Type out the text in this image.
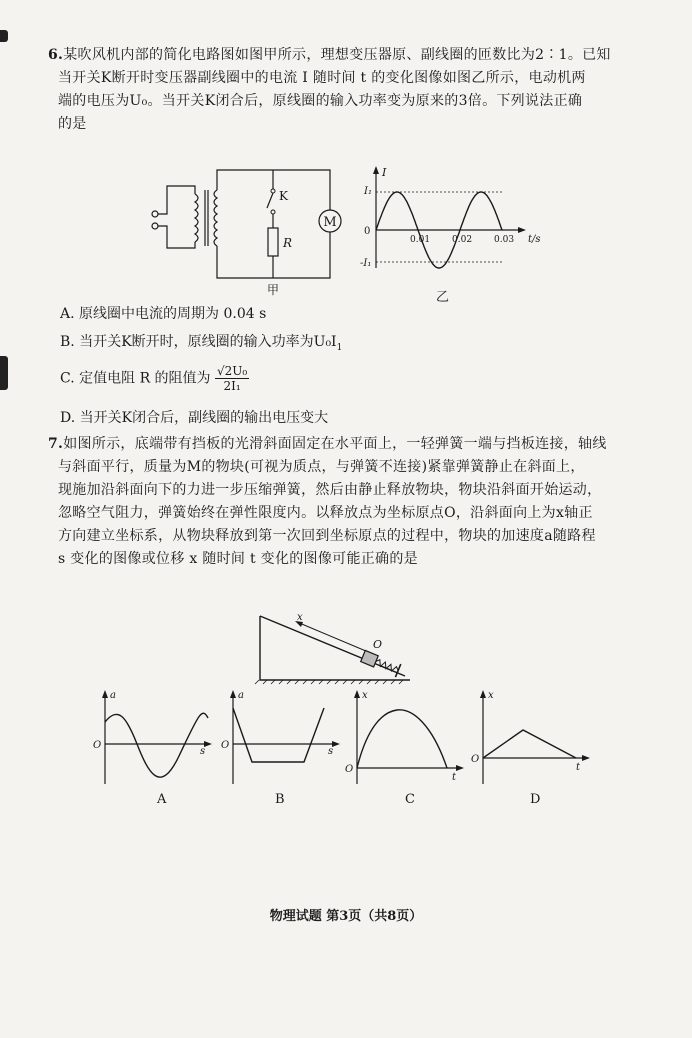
6.某吹风机内部的简化电路图如图甲所示，理想变压器原、副线圈的匝数比为2∶1。已知
当开关K断开时变压器副线圈中的电流 I 随时间 t 的变化图像如图乙所示，电动机两
端的电压为U₀。当开关K闭合后，原线圈的输入功率变为原来的3倍。下列说法正确
的是
M
K
R
甲
I
I₁
-I₁
0
0.01 0.02 0.03 t/s
乙
A. 原线圈中电流的周期为 0.04 s
B. 当开关K断开时，原线圈的输入功率为$U_0I_1$
C. 定值电阻 R 的阻值为 $\frac{\text{√2U₀}}{\text{2I₁}}$
D. 当开关K闭合后，副线圈的输出电压变大
7.如图所示，底端带有挡板的光滑斜面固定在水平面上，一轻弹簧一端与挡板连接，轴线
与斜面平行，质量为M的物块(可视为质点，与弹簧不连接)紧靠弹簧静止在斜面上，
现施加沿斜面向下的力进一步压缩弹簧，然后由静止释放物块，物块沿斜面开始运动，
忽略空气阻力，弹簧始终在弹性限度内。以释放点为坐标原点O，沿斜面向上为x轴正
方向建立坐标系，从物块释放到第一次回到坐标原点的过程中，物块的加速度a随路程
s 变化的图像或位移 x 随时间 t 变化的图像可能正确的是
x
O
a
O
s
a
O
s
x
O
t
x
O
t
A	B	C	D
物理试题 第3页（共8页）
